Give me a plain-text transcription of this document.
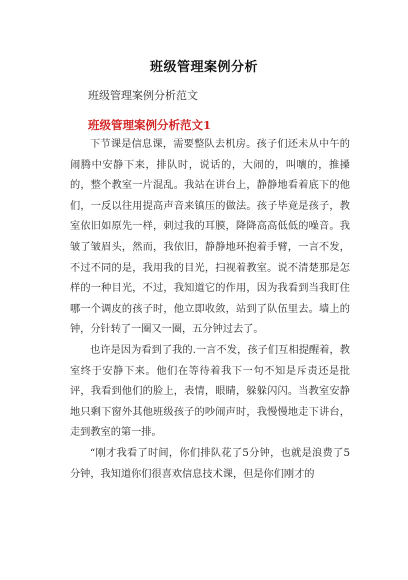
班级管理案例分析
班级管理案例分析范文
班级管理案例分析范文1

下节课是信息课，需要整队去机房。孩子们还未从中午的闹腾中安静下来，排队时，说话的，大闹的，叫嚷的，推搡的，整个教室一片混乱。我站在讲台上，静静地看着底下的他们，一反以往用提高声音来镇压的做法。孩子毕竟是孩子，教室依旧如原先一样，刺过我的耳膜，降降高高低低的噪音。我皱了皱眉头，然而，我依旧，静静地环抱着手臂，一言不发，不过不同的是，我用我的目光，扫视着教室。说不清楚那是怎样的一种目光，不过，我知道它的作用，因为我看到当我盯住哪一个调皮的孩子时，他立即收敛，站到了队伍里去。墙上的钟，分针转了一圈又一圈，五分钟过去了。

也许是因为看到了我的.一言不发，孩子们互相提醒着，教室终于安静下来。他们在等待着我下一句不知是斥责还是批评，我看到他们的脸上，表情，眼睛，躲躲闪闪。当教室安静地只剩下窗外其他班级孩子的吵闹声时，我慢慢地走下讲台，走到教室的第一排。

“刚才我看了时间，你们排队花了5分钟，也就是浪费了5分钟，我知道你们很喜欢信息技术课，但是你们刚才的
